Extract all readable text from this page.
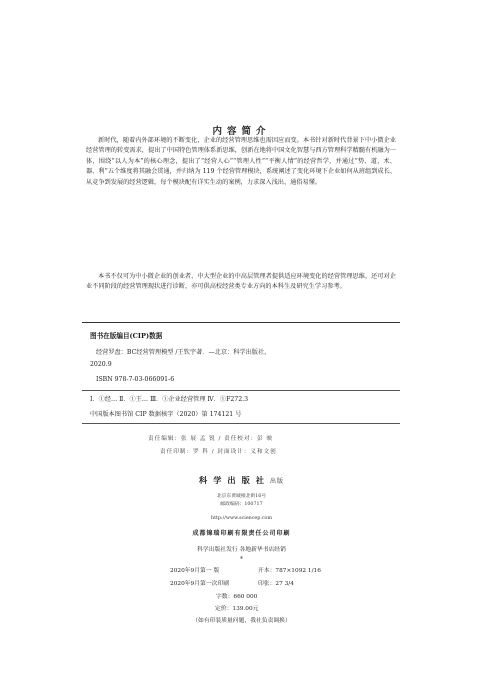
内容简介

新时代，随着内外部环境的不断变化，企业的经营管理思维也需因应而变。本书针对新时代背景下中小微企业经营管理的转变需求，提出了中国特色管理体系新思维，创新在地将中国文化智慧与西方管理科学精髓有机融为一体，围绕“以人为本”的核心理念，提出了“经营人心”“管理人性”“平衡人情”的经营哲学，并通过“势、道、术、器、利”五个维度将其融会贯通，并归纳为 119 个经营管理模块，系统阐述了变化环境下企业如何从班组到成长、从竞争到发展的经营逻辑，每个模块配有详实生动的案例，力求深入浅出、通俗易懂。

本书不仅可为中小微企业的创业者、中大型企业的中高层管理者提供适应环境变化的经营管理思维，还可对企业不同阶段的经营管理现状进行诊断，亦可供高校经营类专业方向的本科生及研究生学习参考。

图书在版编目(CIP)数据
经营罗盘：BC经营管理模型 /王钦宇著．—北京：科学出版社，
2020.9
ISBN 978-7-03-066091-6
Ⅰ．①经… Ⅱ．①王… Ⅲ．①企业经营管理 Ⅳ．①F272.3
中国版本图书馆 CIP 数据核字（2020）第 174121 号
责任编辑：张 展 孟 锐 / 责任校对：彭 映
责任印制：罗 科 / 封面设计：义和文创
科学出版社出版
北京东黄城根北街16号
邮政编码：100717
http://www.sciencep.com
成都锦瑞印刷有限责任公司印刷
科学出版社发行 各地新华书店经销
*
2020年9月第一 版	开本：787×1092 1/16
2020年9月第一次印刷	印张：27 3/4
字数：660 000
定价：139.00元
（如有印装质量问题，我社负责调换）
